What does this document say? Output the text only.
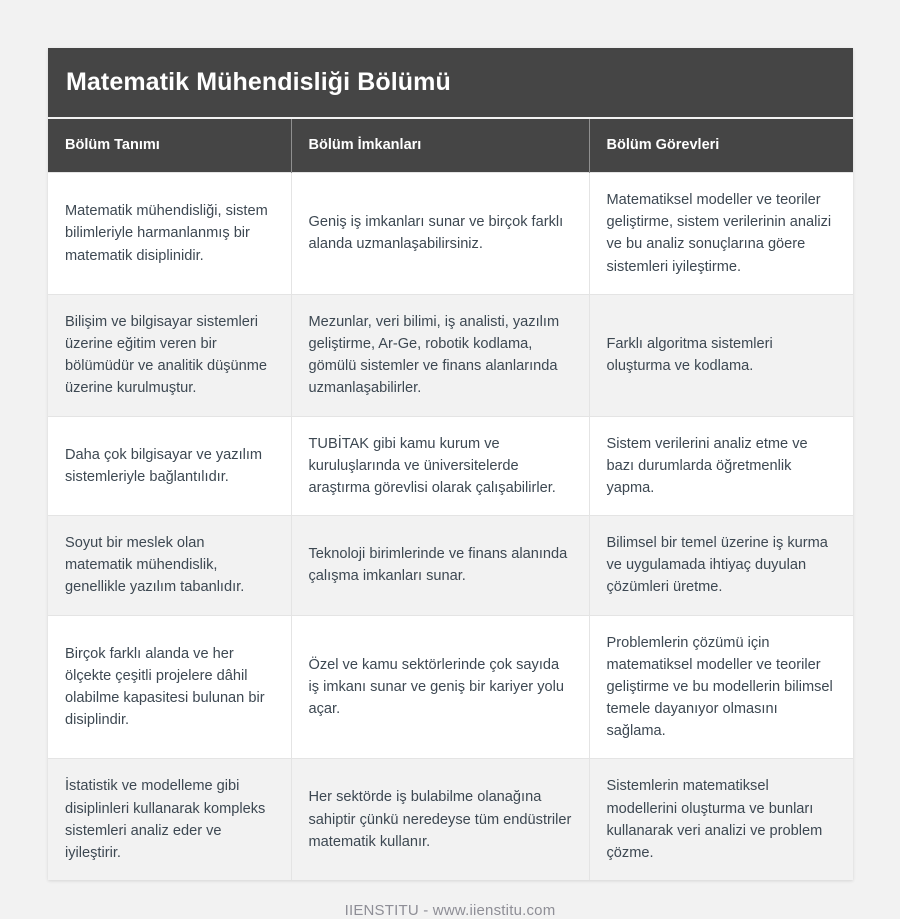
Matematik Mühendisliği Bölümü
Bölüm Tanımı	Bölüm İmkanları	Bölüm Görevleri
Matematik mühendisliği, sistem bilimleriyle harmanlanmış bir matematik disiplinidir.	Geniş iş imkanları sunar ve birçok farklı alanda uzmanlaşabilirsiniz.	Matematiksel modeller ve teoriler geliştirme, sistem verilerinin analizi ve bu analiz sonuçlarına göere sistemleri iyileştirme.
Bilişim ve bilgisayar sistemleri üzerine eğitim veren bir bölümüdür ve analitik düşünme üzerine kurulmuştur.	Mezunlar, veri bilimi, iş analisti, yazılım geliştirme, Ar-Ge, robotik kodlama, gömülü sistemler ve finans alanlarında uzmanlaşabilirler.	Farklı algoritma sistemleri oluşturma ve kodlama.
Daha çok bilgisayar ve yazılım sistemleriyle bağlantılıdır.	TUBİTAK gibi kamu kurum ve kuruluşlarında ve üniversitelerde araştırma görevlisi olarak çalışabilirler.	Sistem verilerini analiz etme ve bazı durumlarda öğretmenlik yapma.
Soyut bir meslek olan matematik mühendislik, genellikle yazılım tabanlıdır.	Teknoloji birimlerinde ve finans alanında çalışma imkanları sunar.	Bilimsel bir temel üzerine iş kurma ve uygulamada ihtiyaç duyulan çözümleri üretme.
Birçok farklı alanda ve her ölçekte çeşitli projelere dâhil olabilme kapasitesi bulunan bir disiplindir.	Özel ve kamu sektörlerinde çok sayıda iş imkanı sunar ve geniş bir kariyer yolu açar.	Problemlerin çözümü için matematiksel modeller ve teoriler geliştirme ve bu modellerin bilimsel temele dayanıyor olmasını sağlama.
İstatistik ve modelleme gibi disiplinleri kullanarak kompleks sistemleri analiz eder ve iyileştirir.	Her sektörde iş bulabilme olanağına sahiptir çünkü neredeyse tüm endüstriler matematik kullanır.	Sistemlerin matematiksel modellerini oluşturma ve bunları kullanarak veri analizi ve problem çözme.
IIENSTITU - www.iienstitu.com
